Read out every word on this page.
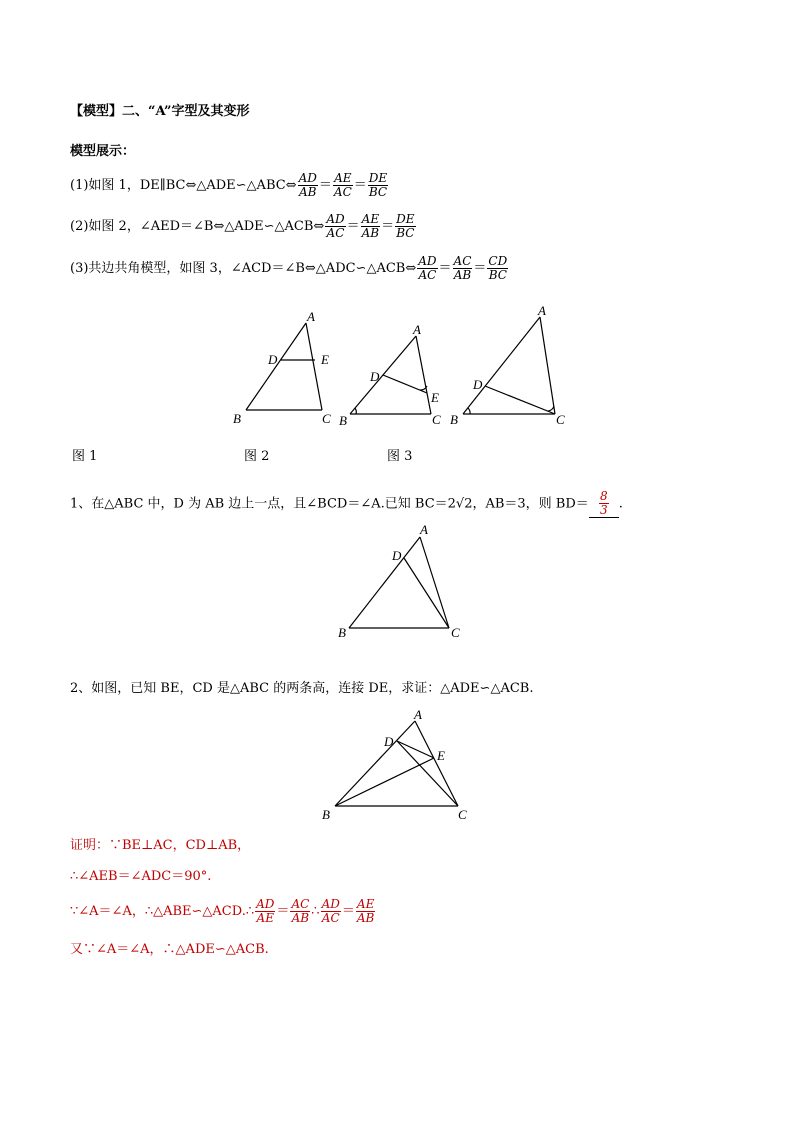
【模型】二、“A”字型及其变形
模型展示：
(1)如图 1，DE∥BC⇔△ADE∽△ABC⇔ $\frac{AD}{AB} = \frac{AE}{AC} = \frac{DE}{BC}$
(2)如图 2，∠AED＝∠B⇔△ADE∽△ACB⇔ $\frac{AD}{AC} = \frac{AE}{AB} = \frac{DE}{BC}$
(3)共边共角模型，如图 3，∠ACD＝∠B⇔△ADC∽△ACB⇔ $\frac{AD}{AC} = \frac{AC}{AB} = \frac{CD}{BC}$
A
D	E
B	C
A
D
E
B	C
A
D
B	C
A
D
B	C
A
D
E
B	C
图 1	图 2	图 3
1、在△ABC 中，D 为 AB 边上一点，且∠BCD＝∠A.已知 BC＝2√2，AB＝3，则 $BD= \frac{8}{3}$ .
2、如图，已知 BE，CD 是△ABC 的两条高，连接 DE，求证：△ADE∽△ACB.
证明：∵BE⊥AC，CD⊥AB，
∴∠AEB＝∠ADC＝90°.
∵∠A＝∠A，∴△ABE∽△ACD.∴ $\frac{AD}{AE} = \frac{AC}{AB}$ ∴ $\frac{AD}{AC} = \frac{AE}{AB}$
又∵∠A＝∠A，∴△ADE∽△ACB.
